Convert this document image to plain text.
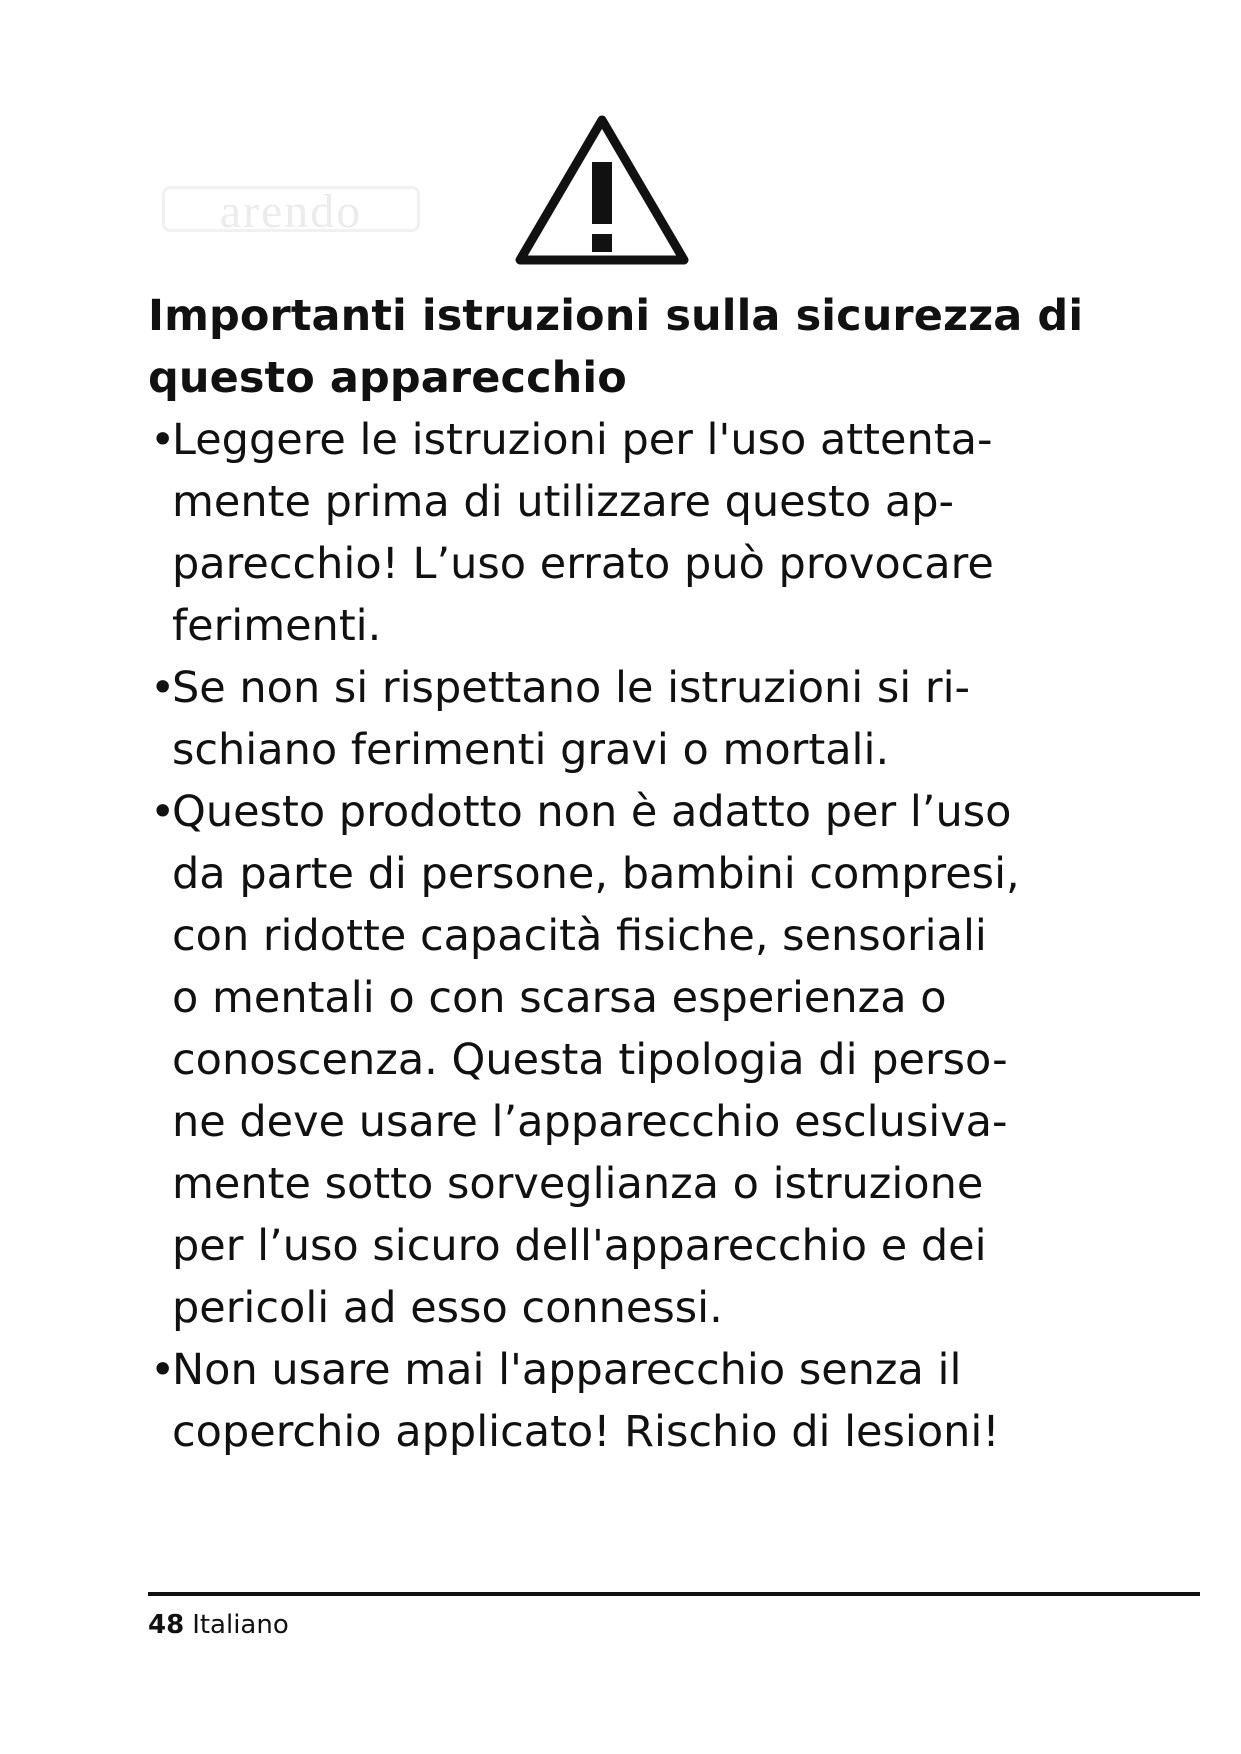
arendo
Importanti istruzioni sulla sicurezza di
questo apparecchio
•
Leggere le istruzioni per l'uso attenta-
mente prima di utilizzare questo ap-
parecchio! L’uso errato può provocare
ferimenti.
•
Se non si rispettano le istruzioni si ri-
schiano ferimenti gravi o mortali.
•
Questo prodotto non è adatto per l’uso
da parte di persone, bambini compresi,
con ridotte capacità fisiche, sensoriali
o mentali o con scarsa esperienza o
conoscenza. Questa tipologia di perso-
ne deve usare l’apparecchio esclusiva-
mente sotto sorveglianza o istruzione
per l’uso sicuro dell'apparecchio e dei
pericoli ad esso connessi.
•
Non usare mai l'apparecchio senza il
coperchio applicato! Rischio di lesioni!
48 Italiano
